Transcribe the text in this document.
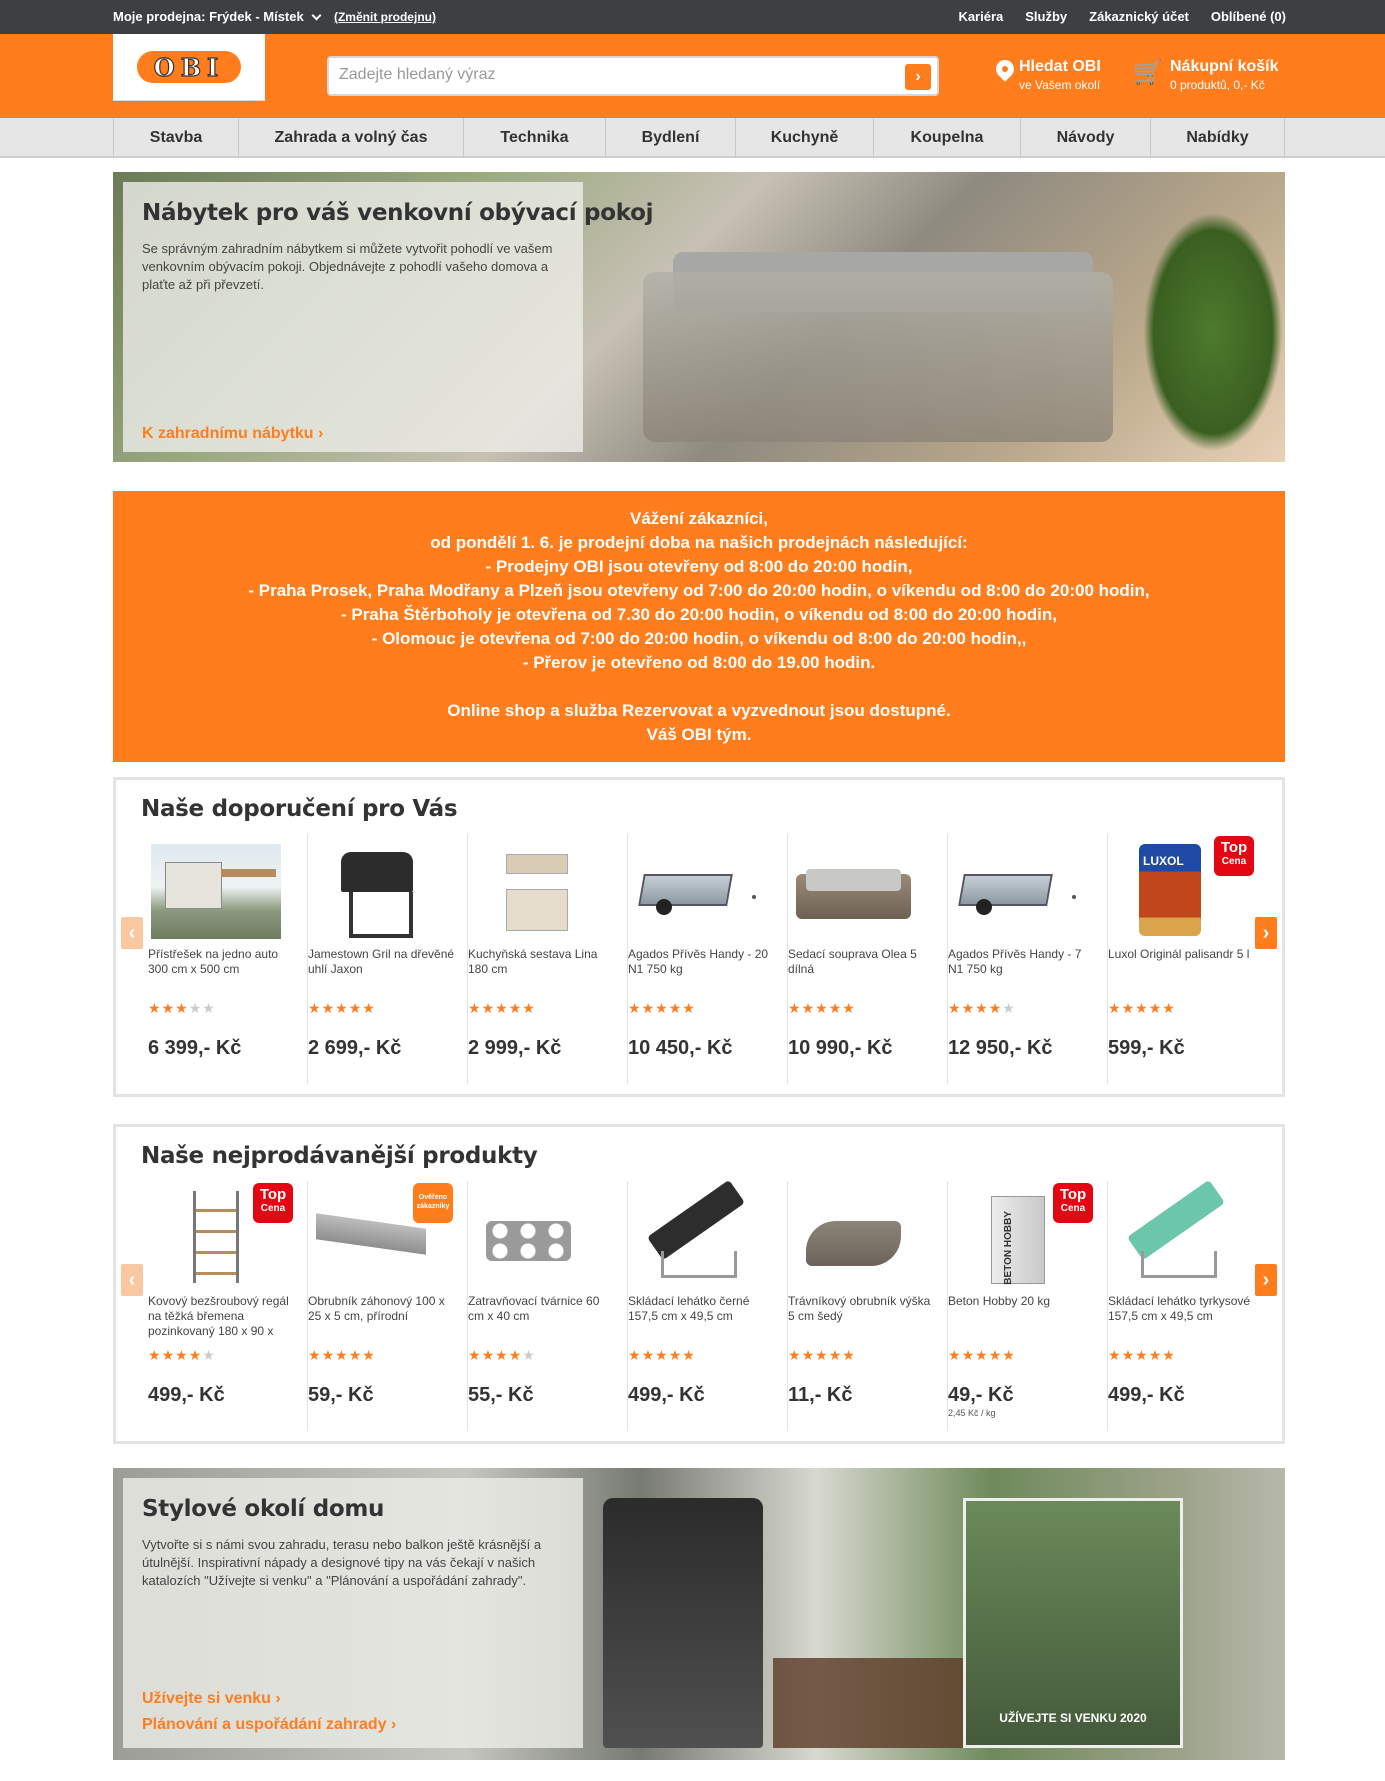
Moje prodejna: Frýdek - Místek	(Změnit prodejnu)	Kariéra Služby Zákaznický účet Oblíbené (0)
OBI
Zadejte hledaný výraz	›
Hledat OBI
ve Vašem okolí 🛒 Nákupní košík
0 produktů, 0,- Kč
Stavba	Zahrada a volný čas	Technika	Bydlení	Kuchyně	Koupelna	Návody	Nabídky
Nábytek pro váš venkovní obývací pokoj

Se správným zahradním nábytkem si můžete vytvořit pohodlí ve vašem venkovním obývacím pokoji. Objednávejte z pohodlí vašeho domova a plaťte až při převzetí.

K zahradnímu nábytku ›
Vážení zákazníci,
od pondělí 1. 6. je prodejní doba na našich prodejnách následující:
- Prodejny OBI jsou otevřeny od 8:00 do 20:00 hodin,
- Praha Prosek, Praha Modřany a Plzeň jsou otevřeny od 7:00 do 20:00 hodin, o víkendu od 8:00 do 20:00 hodin,
- Praha Štěrboholy je otevřena od 7.30 do 20:00 hodin, o víkendu od 8:00 do 20:00 hodin,
- Olomouc je otevřena od 7:00 do 20:00 hodin, o víkendu od 8:00 do 20:00 hodin,,
- Přerov je otevřeno od 8:00 do 19.00 hodin.
Online shop a služba Rezervovat a vyzvednout jsou dostupné.
Váš OBI tým.
Naše doporučení pro Vás
‹
Přístřešek na jedno auto 300 cm x 500 cm
★★★★★
6 399,- Kč
Jamestown Gril na dřevěné uhlí Jaxon
★★★★★
2 699,- Kč
Kuchyňská sestava Lina 180 cm
★★★★★
2 999,- Kč
Agados Přívěs Handy - 20 N1 750 kg
★★★★★
10 450,- Kč
Sedací souprava Olea 5 dílná
★★★★★
10 990,- Kč
Agados Přívěs Handy - 7 N1 750 kg
★★★★★
12 950,- Kč
LUXOL
Top
Cena
Luxol Originál palisandr 5 l
★★★★★
599,- Kč
›
Naše nejprodávanější produkty
‹
Top
Cena
Kovový bezšroubový regál na těžká břemena pozinkovaný 180 x 90 x
★★★★★
499,- Kč
Ověřeno zákazníky
Obrubník záhonový 100 x 25 x 5 cm, přírodní
★★★★★
59,- Kč
Zatravňovací tvárnice 60 cm x 40 cm
★★★★★
55,- Kč
Skládací lehátko černé 157,5 cm x 49,5 cm
★★★★★
499,- Kč
Trávníkový obrubník výška 5 cm šedý
★★★★★
11,- Kč
BETON HOBBY
Top
Cena
Beton Hobby 20 kg
★★★★★
49,- Kč
2,45 Kč / kg
Skládací lehátko tyrkysové 157,5 cm x 49,5 cm
★★★★★
499,- Kč
›
UŽÍVEJTE SI VENKU 2020
Stylové okolí domu

Vytvořte si s námi svou zahradu, terasu nebo balkon ještě krásnější a útulnější. Inspirativní nápady a designové tipy na vás čekají v našich katalozích "Užívejte si venku" a "Plánování a uspořádání zahrady".

Užívejte si venku ›
Plánování a uspořádání zahrady ›
